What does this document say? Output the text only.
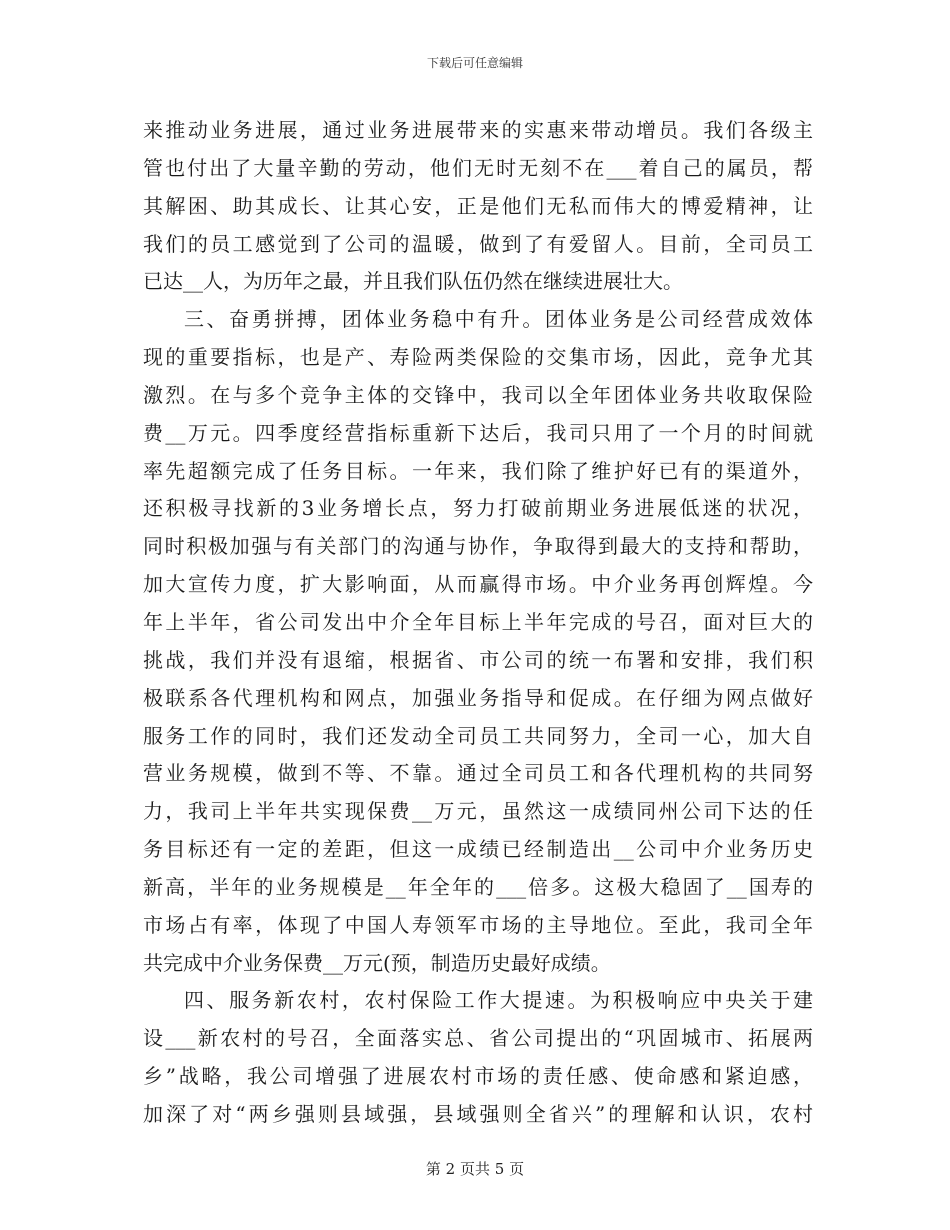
下载后可任意编辑
来推动业务进展，通过业务进展带来的实惠来带动增员。我们各级主
管也付出了大量辛勤的劳动，他们无时无刻不在___着自己的属员，帮
其解困、助其成长、让其心安，正是他们无私而伟大的博爱精神，让
我们的员工感觉到了公司的温暖，做到了有爱留人。目前，全司员工
已达__人，为历年之最，并且我们队伍仍然在继续进展壮大。
三、奋勇拼搏，团体业务稳中有升。团体业务是公司经营成效体
现的重要指标，也是产、寿险两类保险的交集市场，因此，竞争尤其
激烈。在与多个竞争主体的交锋中，我司以全年团体业务共收取保险
费__万元。四季度经营指标重新下达后，我司只用了一个月的时间就
率先超额完成了任务目标。一年来，我们除了维护好已有的渠道外，
还积极寻找新的3业务增长点，努力打破前期业务进展低迷的状况，
同时积极加强与有关部门的沟通与协作，争取得到最大的支持和帮助，
加大宣传力度，扩大影响面，从而赢得市场。中介业务再创辉煌。今
年上半年，省公司发出中介全年目标上半年完成的号召，面对巨大的
挑战，我们并没有退缩，根据省、市公司的统一布署和安排，我们积
极联系各代理机构和网点，加强业务指导和促成。在仔细为网点做好
服务工作的同时，我们还发动全司员工共同努力，全司一心，加大自
营业务规模，做到不等、不靠。通过全司员工和各代理机构的共同努
力，我司上半年共实现保费__万元，虽然这一成绩同州公司下达的任
务目标还有一定的差距，但这一成绩已经制造出__公司中介业务历史
新高，半年的业务规模是__年全年的___倍多。这极大稳固了__国寿的
市场占有率，体现了中国人寿领军市场的主导地位。至此，我司全年
共完成中介业务保费__万元(预，制造历史最好成绩。
四、服务新农村，农村保险工作大提速。为积极响应中央关于建
设___新农村的号召，全面落实总、省公司提出的“巩固城市、拓展两
乡”战略，我公司增强了进展农村市场的责任感、使命感和紧迫感，
加深了对“两乡强则县域强，县域强则全省兴”的理解和认识，农村
第 2 页共 5 页
